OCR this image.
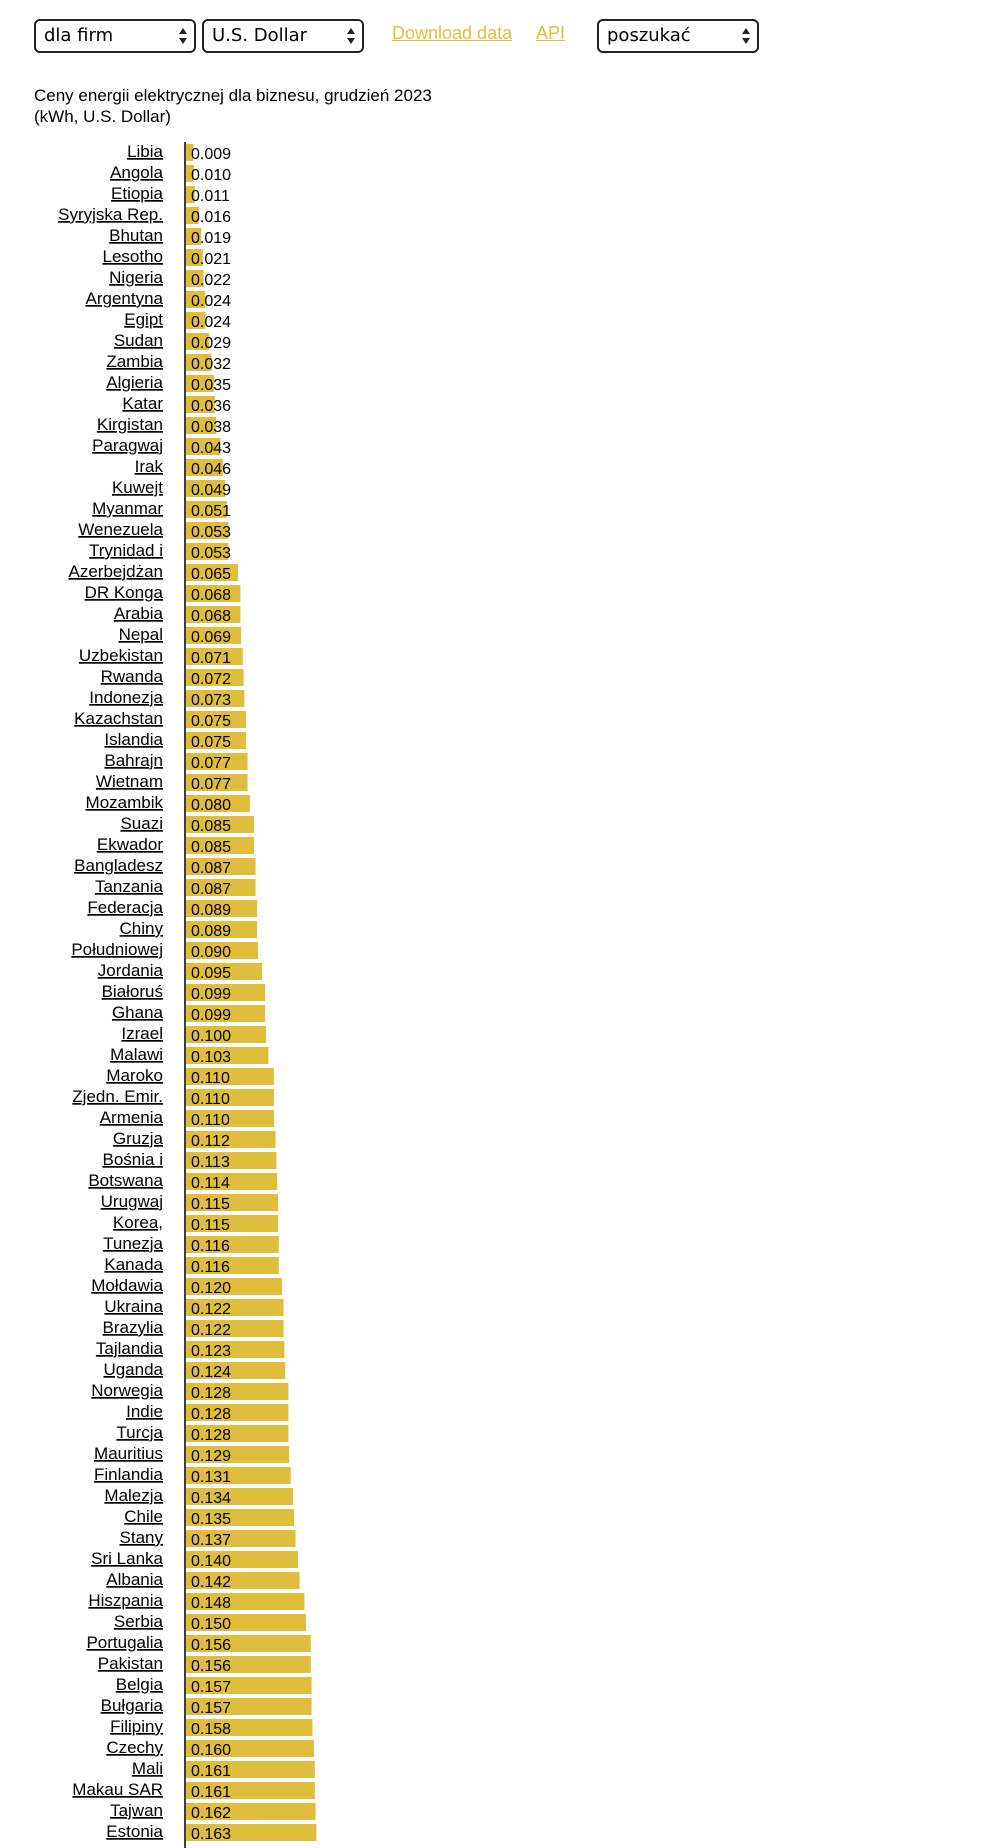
dla firm	U.S. Dollar	Download data API	poszukać
Ceny energii elektrycznej dla biznesu, grudzień 2023
(kWh, U.S. Dollar)
Libia 0.009
Angola 0.010
Etiopia 0.011
Syryjska Rep. 0.016
Bhutan 0.019
Lesotho 0.021
Nigeria 0.022
Argentyna 0.024
Egipt 0.024
Sudan 0.029
Zambia 0.032
Algieria 0.035
Katar 0.036
Kirgistan 0.038
Paragwaj 0.043
Irak 0.046
Kuwejt 0.049
Myanmar 0.051
Wenezuela 0.053
Trynidad i 0.053
Azerbejdżan 0.065
DR Konga 0.068
Arabia 0.068
Nepal 0.069
Uzbekistan 0.071
Rwanda 0.072
Indonezja 0.073
Kazachstan 0.075
Islandia 0.075
Bahrajn 0.077
Wietnam 0.077
Mozambik 0.080
Suazi 0.085
Ekwador 0.085
Bangladesz 0.087
Tanzania 0.087
Federacja 0.089
Chiny 0.089
Południowej 0.090
Jordania 0.095
Białoruś 0.099
Ghana 0.099
Izrael 0.100
Malawi 0.103
Maroko 0.110
Zjedn. Emir. 0.110
Armenia 0.110
Gruzja 0.112
Bośnia i 0.113
Botswana 0.114
Urugwaj 0.115
Korea, 0.115
Tunezja 0.116
Kanada 0.116
Mołdawia 0.120
Ukraina 0.122
Brazylia 0.122
Tajlandia 0.123
Uganda 0.124
Norwegia 0.128
Indie 0.128
Turcja 0.128
Mauritius 0.129
Finlandia 0.131
Malezja 0.134
Chile 0.135
Stany 0.137
Sri Lanka 0.140
Albania 0.142
Hiszpania 0.148
Serbia 0.150
Portugalia 0.156
Pakistan 0.156
Belgia 0.157
Bułgaria 0.157
Filipiny 0.158
Czechy 0.160
Mali 0.161
Makau SAR 0.161
Tajwan 0.162
Estonia 0.163
